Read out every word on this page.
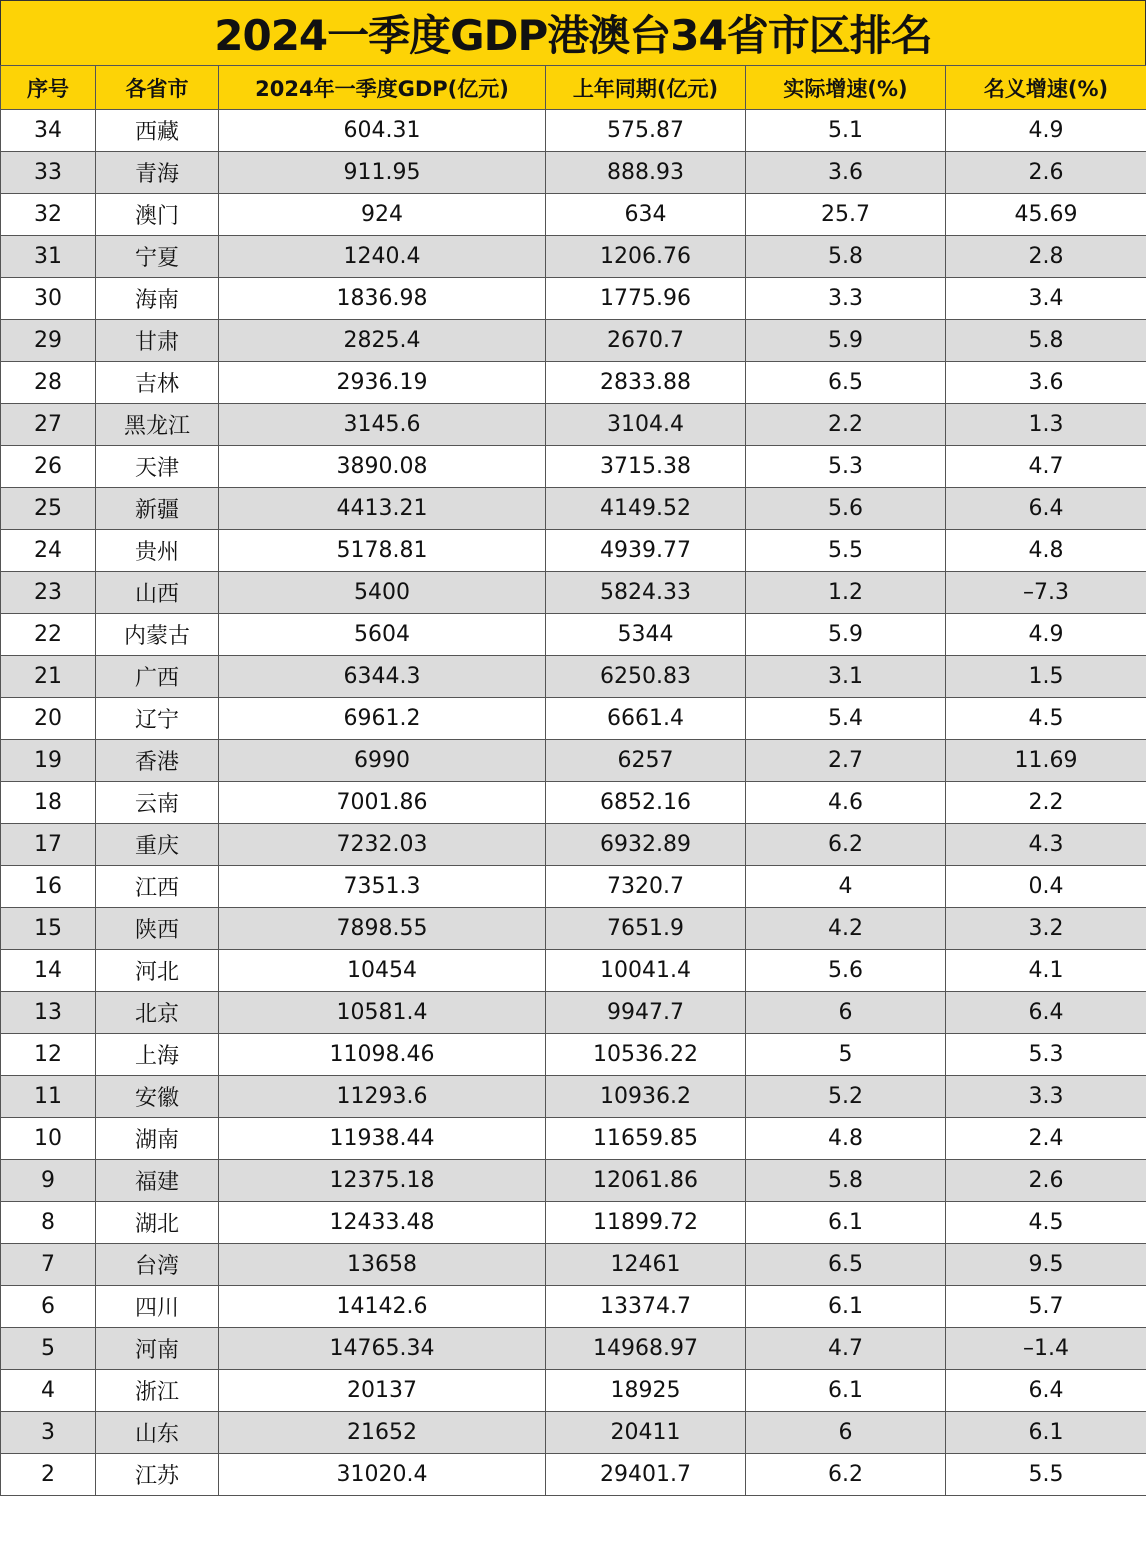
2024一季度GDP港澳台34省市区排名
序号	各省市	2024年一季度GDP(亿元)	上年同期(亿元)	实际增速(%)	名义增速(%)
34	西藏	604.31	575.87	5.1	4.9
33	青海	911.95	888.93	3.6	2.6
32	澳门	924	634	25.7	45.69
31	宁夏	1240.4	1206.76	5.8	2.8
30	海南	1836.98	1775.96	3.3	3.4
29	甘肃	2825.4	2670.7	5.9	5.8
28	吉林	2936.19	2833.88	6.5	3.6
27	黑龙江	3145.6	3104.4	2.2	1.3
26	天津	3890.08	3715.38	5.3	4.7
25	新疆	4413.21	4149.52	5.6	6.4
24	贵州	5178.81	4939.77	5.5	4.8
23	山西	5400	5824.33	1.2	–7.3
22	内蒙古	5604	5344	5.9	4.9
21	广西	6344.3	6250.83	3.1	1.5
20	辽宁	6961.2	6661.4	5.4	4.5
19	香港	6990	6257	2.7	11.69
18	云南	7001.86	6852.16	4.6	2.2
17	重庆	7232.03	6932.89	6.2	4.3
16	江西	7351.3	7320.7	4	0.4
15	陕西	7898.55	7651.9	4.2	3.2
14	河北	10454	10041.4	5.6	4.1
13	北京	10581.4	9947.7	6	6.4
12	上海	11098.46	10536.22	5	5.3
11	安徽	11293.6	10936.2	5.2	3.3
10	湖南	11938.44	11659.85	4.8	2.4
9	福建	12375.18	12061.86	5.8	2.6
8	湖北	12433.48	11899.72	6.1	4.5
7	台湾	13658	12461	6.5	9.5
6	四川	14142.6	13374.7	6.1	5.7
5	河南	14765.34	14968.97	4.7	–1.4
4	浙江	20137	18925	6.1	6.4
3	山东	21652	20411	6	6.1
2	江苏	31020.4	29401.7	6.2	5.5
